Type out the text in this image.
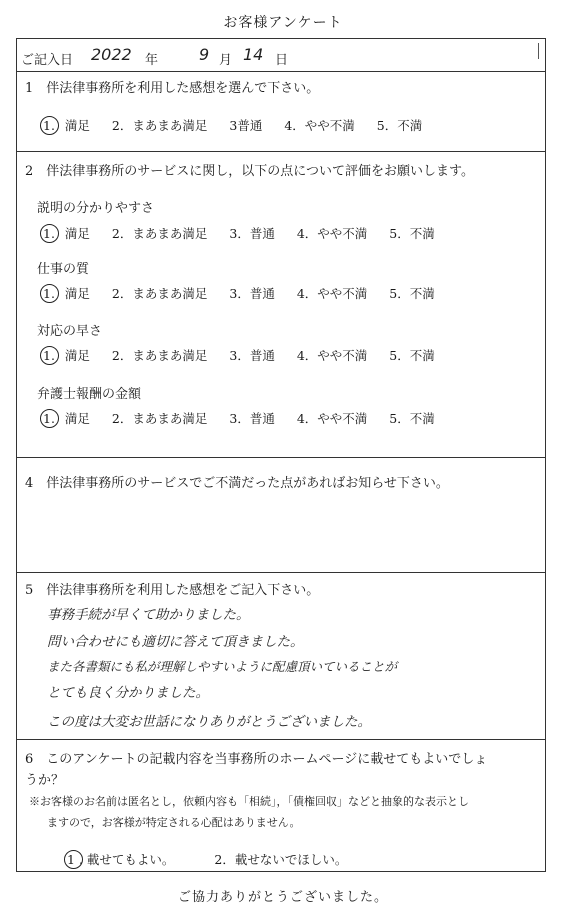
お客様アンケート
ご記入日 2022 年	9 月 14 日
1　伴法律事務所を利用した感想を選んで下さい。
1. 満足 2．まあまあ満足 3普通 4．やや不満 5．不満
2　伴法律事務所のサービスに関し，以下の点について評価をお願いします。
説明の分かりやすさ
1. 満足 2．まあまあ満足 3．普通 4．やや不満 5．不満
仕事の質
1. 満足 2．まあまあ満足 3．普通 4．やや不満 5．不満
対応の早さ
1. 満足 2．まあまあ満足 3．普通 4．やや不満 5．不満
弁護士報酬の金額
1. 満足 2．まあまあ満足 3．普通 4．やや不満 5．不満
4　伴法律事務所のサービスでご不満だった点があればお知らせ下さい。
5　伴法律事務所を利用した感想をご記入下さい。
事務手続が早くて助かりました。
問い合わせにも適切に答えて頂きました。
また各書類にも私が理解しやすいように配慮頂いていることが
とても良く分かりました。
この度は大変お世話になりありがとうございました。
6　このアンケートの記載内容を当事務所のホームページに載せてもよいでしょ
うか？
※お客様のお名前は匿名とし，依頼内容も「相続」，「債権回収」などと抽象的な表示とし
ますので，お客様が特定される心配はありません。
1 . 載せてもよい。	2．載せないでほしい。
ご協力ありがとうございました。
